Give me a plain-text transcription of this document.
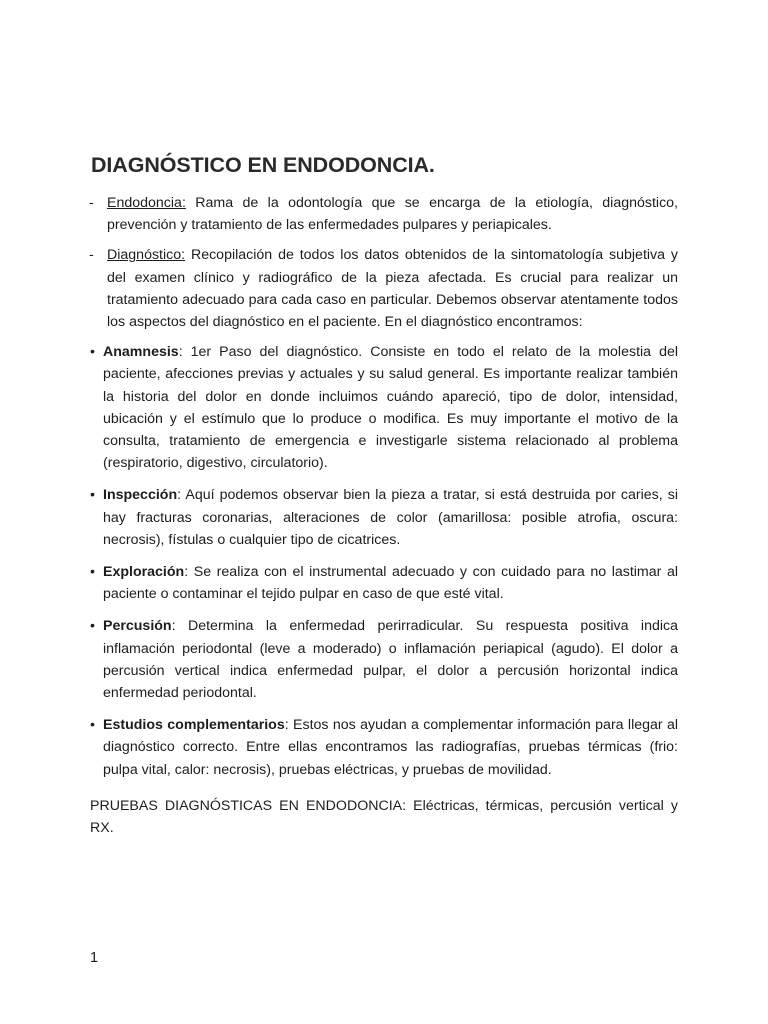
DIAGNÓSTICO EN ENDODONCIA.
- Endodoncia: Rama de la odontología que se encarga de la etiología, diagnóstico, prevención y tratamiento de las enfermedades pulpares y periapicales.
- Diagnóstico: Recopilación de todos los datos obtenidos de la sintomatología subjetiva y del examen clínico y radiográfico de la pieza afectada. Es crucial para realizar un tratamiento adecuado para cada caso en particular. Debemos observar atentamente todos los aspectos del diagnóstico en el paciente. En el diagnóstico encontramos:
• Anamnesis: 1er Paso del diagnóstico. Consiste en todo el relato de la molestia del paciente, afecciones previas y actuales y su salud general. Es importante realizar también la historia del dolor en donde incluimos cuándo apareció, tipo de dolor, intensidad, ubicación y el estímulo que lo produce o modifica. Es muy importante el motivo de la consulta, tratamiento de emergencia e investigarle sistema relacionado al problema (respiratorio, digestivo, circulatorio).
• Inspección: Aquí podemos observar bien la pieza a tratar, si está destruida por caries, si hay fracturas coronarias, alteraciones de color (amarillosa: posible atrofia, oscura: necrosis), fístulas o cualquier tipo de cicatrices.
• Exploración: Se realiza con el instrumental adecuado y con cuidado para no lastimar al paciente o contaminar el tejido pulpar en caso de que esté vital.
• Percusión: Determina la enfermedad perirradicular. Su respuesta positiva indica inflamación periodontal (leve a moderado) o inflamación periapical (agudo). El dolor a percusión vertical indica enfermedad pulpar, el dolor a percusión horizontal indica enfermedad periodontal.
• Estudios complementarios: Estos nos ayudan a complementar información para llegar al diagnóstico correcto. Entre ellas encontramos las radiografías, pruebas térmicas (frio: pulpa vital, calor: necrosis), pruebas eléctricas, y pruebas de movilidad.

PRUEBAS DIAGNÓSTICAS EN ENDODONCIA: Eléctricas, térmicas, percusión vertical y RX.

1
